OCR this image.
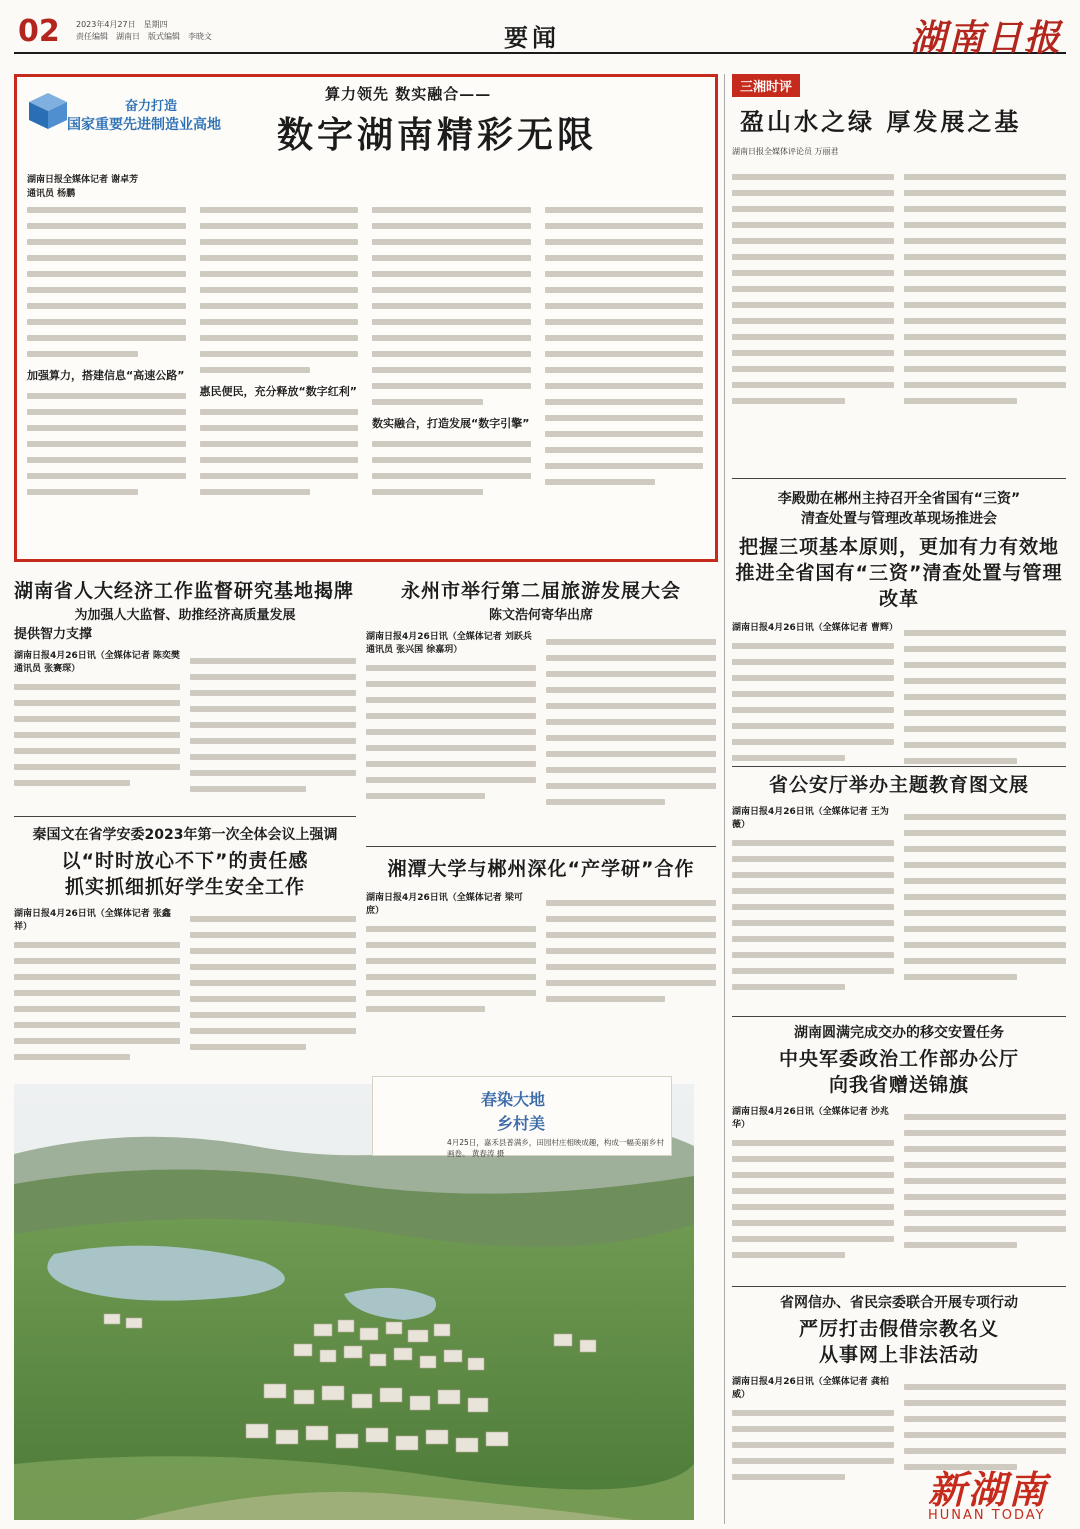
02 2023年4月27日 星期四
责任编辑 湖南日 版式编辑 李晓文	要闻	湖南日报
奋力打造
国家重要先进制造业高地
算力领先 数实融合——
数字湖南精彩无限
湖南日报全媒体记者 谢卓芳
通讯员 杨鹏
加强算力，搭建信息“高速公路”
惠民便民，充分释放“数字红利”
数实融合，打造发展“数字引擎”
三湘时评
盈山水之绿 厚发展之基
湖南日报全媒体评论员 万丽君
李殿勋在郴州主持召开全省国有“三资”
清查处置与管理改革现场推进会
把握三项基本原则，更加有力有效地
推进全省国有“三资”清查处置与管理改革
湖南日报4月26日讯（全媒体记者 曹辉）
省公安厅举办主题教育图文展
湖南日报4月26日讯（全媒体记者 王为薇）
湖南圆满完成交办的移交安置任务
中央军委政治工作部办公厅
向我省赠送锦旗
湖南日报4月26日讯（全媒体记者 沙兆华）
省网信办、省民宗委联合开展专项行动
严厉打击假借宗教名义
从事网上非法活动
湖南日报4月26日讯（全媒体记者 龚柏威）
新湖南
HUNAN TODAY
湖南省人大经济工作监督研究基地揭牌
为加强人大监督、助推经济高质量发展
提供智力支撑
湖南日报4月26日讯（全媒体记者 陈奕樊 通讯员 张赛琛）
永州市举行第二届旅游发展大会
陈文浩何寄华出席
湖南日报4月26日讯（全媒体记者 刘跃兵 通讯员 张兴国 徐嘉玥）
秦国文在省学安委2023年第一次全体会议上强调
以“时时放心不下”的责任感
抓实抓细抓好学生安全工作
湖南日报4月26日讯（全媒体记者 张鑫祥）
湘潭大学与郴州深化“产学研”合作
湖南日报4月26日讯（全媒体记者 梁可庶）
春染大地
乡村美
4月25日，嘉禾县普满乡，田园村庄相映成趣，构成一幅美丽乡村画卷。 黄春涛 摄
